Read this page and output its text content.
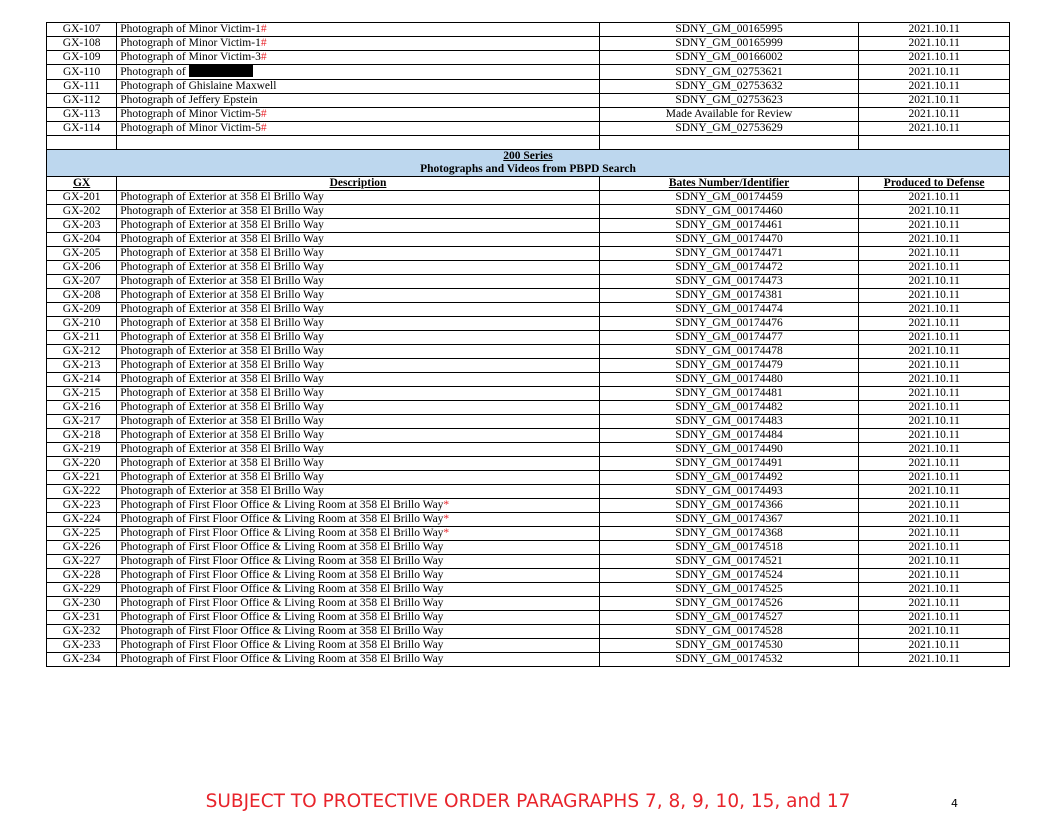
GX-107	Photograph of Minor Victim-1#	SDNY_GM_00165995	2021.10.11
GX-108	Photograph of Minor Victim-1#	SDNY_GM_00165999	2021.10.11
GX-109	Photograph of Minor Victim-3#	SDNY_GM_00166002	2021.10.11
GX-110	Photograph of	SDNY_GM_02753621	2021.10.11
GX-111	Photograph of Ghislaine Maxwell	SDNY_GM_02753632	2021.10.11
GX-112	Photograph of Jeffery Epstein	SDNY_GM_02753623	2021.10.11
GX-113	Photograph of Minor Victim-5#	Made Available for Review	2021.10.11
GX-114	Photograph of Minor Victim-5#	SDNY_GM_02753629	2021.10.11

200 Series
Photographs and Videos from PBPD Search			

GX	Description	Bates Number/Identifier	Produced to Defense
GX-201	Photograph of Exterior at 358 El Brillo Way	SDNY_GM_00174459	2021.10.11
GX-202	Photograph of Exterior at 358 El Brillo Way	SDNY_GM_00174460	2021.10.11
GX-203	Photograph of Exterior at 358 El Brillo Way	SDNY_GM_00174461	2021.10.11
GX-204	Photograph of Exterior at 358 El Brillo Way	SDNY_GM_00174470	2021.10.11
GX-205	Photograph of Exterior at 358 El Brillo Way	SDNY_GM_00174471	2021.10.11
GX-206	Photograph of Exterior at 358 El Brillo Way	SDNY_GM_00174472	2021.10.11
GX-207	Photograph of Exterior at 358 El Brillo Way	SDNY_GM_00174473	2021.10.11
GX-208	Photograph of Exterior at 358 El Brillo Way	SDNY_GM_00174381	2021.10.11
GX-209	Photograph of Exterior at 358 El Brillo Way	SDNY_GM_00174474	2021.10.11
GX-210	Photograph of Exterior at 358 El Brillo Way	SDNY_GM_00174476	2021.10.11
GX-211	Photograph of Exterior at 358 El Brillo Way	SDNY_GM_00174477	2021.10.11
GX-212	Photograph of Exterior at 358 El Brillo Way	SDNY_GM_00174478	2021.10.11
GX-213	Photograph of Exterior at 358 El Brillo Way	SDNY_GM_00174479	2021.10.11
GX-214	Photograph of Exterior at 358 El Brillo Way	SDNY_GM_00174480	2021.10.11
GX-215	Photograph of Exterior at 358 El Brillo Way	SDNY_GM_00174481	2021.10.11
GX-216	Photograph of Exterior at 358 El Brillo Way	SDNY_GM_00174482	2021.10.11
GX-217	Photograph of Exterior at 358 El Brillo Way	SDNY_GM_00174483	2021.10.11
GX-218	Photograph of Exterior at 358 El Brillo Way	SDNY_GM_00174484	2021.10.11
GX-219	Photograph of Exterior at 358 El Brillo Way	SDNY_GM_00174490	2021.10.11
GX-220	Photograph of Exterior at 358 El Brillo Way	SDNY_GM_00174491	2021.10.11
GX-221	Photograph of Exterior at 358 El Brillo Way	SDNY_GM_00174492	2021.10.11
GX-222	Photograph of Exterior at 358 El Brillo Way	SDNY_GM_00174493	2021.10.11
GX-223	Photograph of First Floor Office & Living Room at 358 El Brillo Way*	SDNY_GM_00174366	2021.10.11
GX-224	Photograph of First Floor Office & Living Room at 358 El Brillo Way*	SDNY_GM_00174367	2021.10.11
GX-225	Photograph of First Floor Office & Living Room at 358 El Brillo Way*	SDNY_GM_00174368	2021.10.11
GX-226	Photograph of First Floor Office & Living Room at 358 El Brillo Way	SDNY_GM_00174518	2021.10.11
GX-227	Photograph of First Floor Office & Living Room at 358 El Brillo Way	SDNY_GM_00174521	2021.10.11
GX-228	Photograph of First Floor Office & Living Room at 358 El Brillo Way	SDNY_GM_00174524	2021.10.11
GX-229	Photograph of First Floor Office & Living Room at 358 El Brillo Way	SDNY_GM_00174525	2021.10.11
GX-230	Photograph of First Floor Office & Living Room at 358 El Brillo Way	SDNY_GM_00174526	2021.10.11
GX-231	Photograph of First Floor Office & Living Room at 358 El Brillo Way	SDNY_GM_00174527	2021.10.11
GX-232	Photograph of First Floor Office & Living Room at 358 El Brillo Way	SDNY_GM_00174528	2021.10.11
GX-233	Photograph of First Floor Office & Living Room at 358 El Brillo Way	SDNY_GM_00174530	2021.10.11
GX-234	Photograph of First Floor Office & Living Room at 358 El Brillo Way	SDNY_GM_00174532	2021.10.11
SUBJECT TO PROTECTIVE ORDER PARAGRAPHS 7, 8, 9, 10, 15, and 17	4
